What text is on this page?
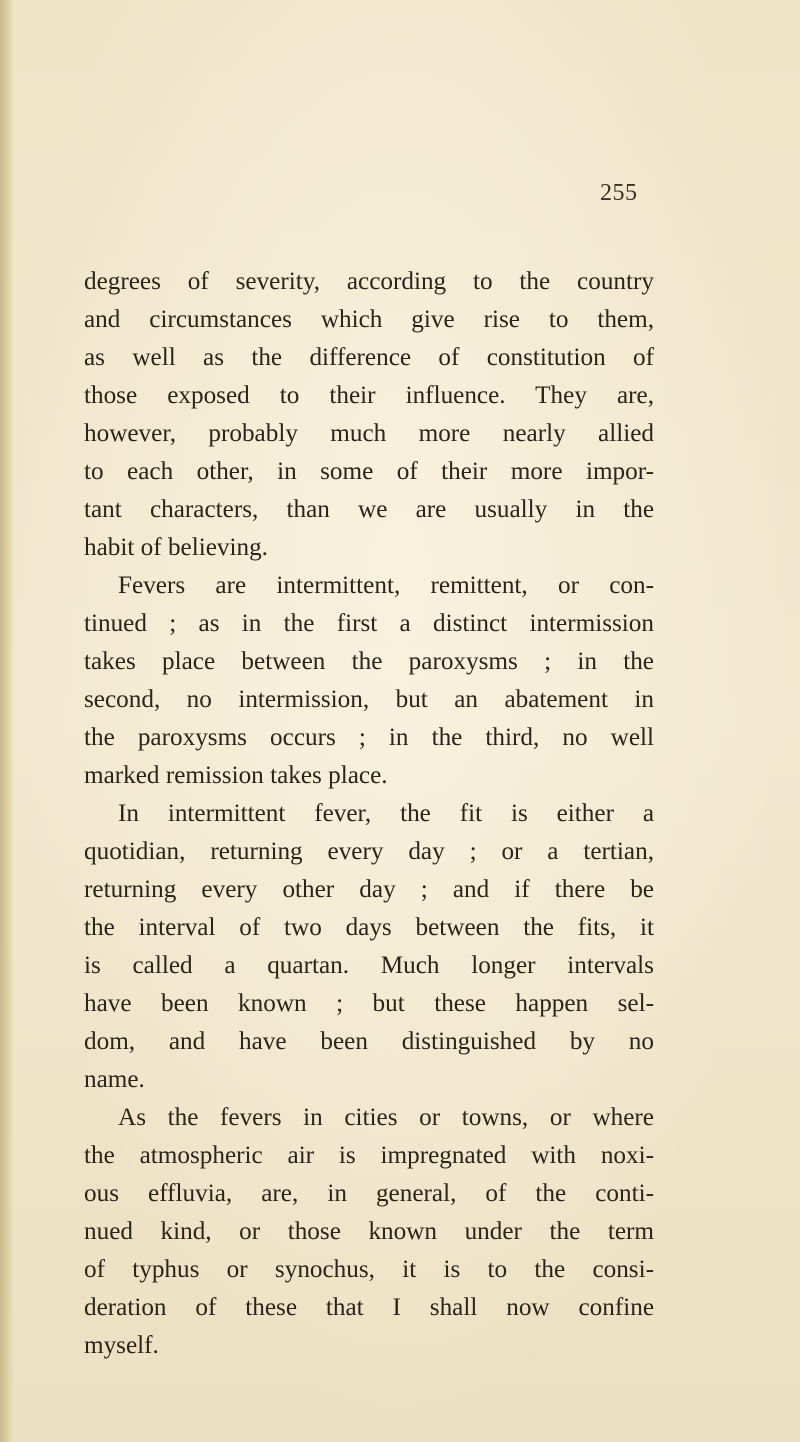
255
degrees of severity, according to the country
and circumstances which give rise to them,
as well as the difference of constitution of
those exposed to their influence. They are,
however, probably much more nearly allied
to each other, in some of their more impor-
tant characters, than we are usually in the
habit of believing.
Fevers are intermittent, remittent, or con-
tinued ; as in the first a distinct intermission
takes place between the paroxysms ; in the
second, no intermission, but an abatement in
the paroxysms occurs ; in the third, no well
marked remission takes place.
In intermittent fever, the fit is either a
quotidian, returning every day ; or a tertian,
returning every other day ; and if there be
the interval of two days between the fits, it
is called a quartan. Much longer intervals
have been known ; but these happen sel-
dom, and have been distinguished by no
name.
As the fevers in cities or towns, or where
the atmospheric air is impregnated with noxi-
ous effluvia, are, in general, of the conti-
nued kind, or those known under the term
of typhus or synochus, it is to the consi-
deration of these that I shall now confine
myself.
